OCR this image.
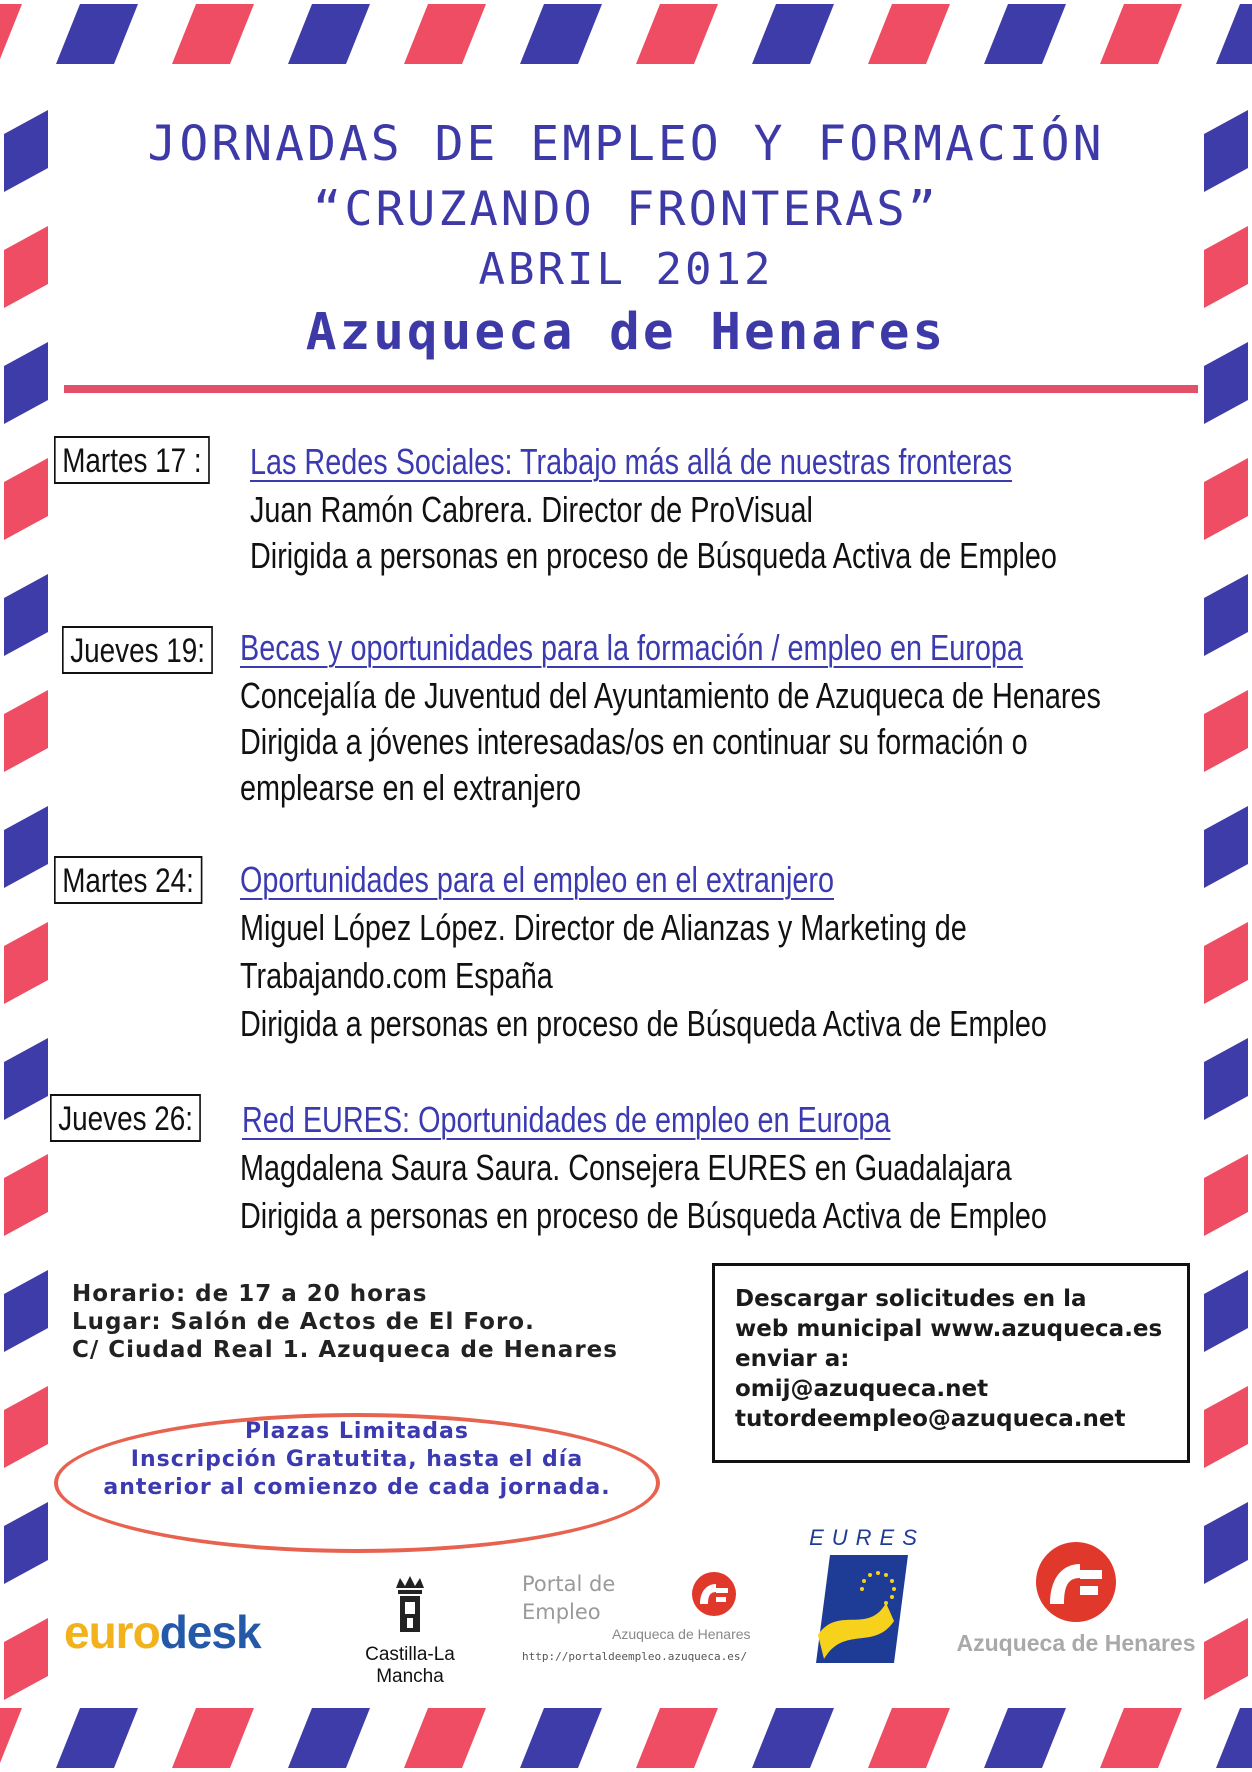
JORNADAS DE EMPLEO Y FORMACIÓN
“CRUZANDO FRONTERAS”
ABRIL 2012
Azuqueca de Henares
Martes 17 : Las Redes Sociales: Trabajo más allá de nuestras fronteras
Juan Ramón Cabrera. Director de ProVisual
Dirigida a personas en proceso de Búsqueda Activa de Empleo
Jueves 19: Becas y oportunidades para la formación / empleo en Europa
Concejalía de Juventud del Ayuntamiento de Azuqueca de Henares
Dirigida a jóvenes interesadas/os en continuar su formación o
emplearse en el extranjero
Martes 24: Oportunidades para el empleo en el extranjero
Miguel López López. Director de Alianzas y Marketing de
Trabajando.com España
Dirigida a personas en proceso de Búsqueda Activa de Empleo
Jueves 26: Red EURES: Oportunidades de empleo en Europa
Magdalena Saura Saura. Consejera EURES en Guadalajara
Dirigida a personas en proceso de Búsqueda Activa de Empleo
Horario: de 17 a 20 horas
Lugar: Salón de Actos de El Foro.
C/ Ciudad Real 1. Azuqueca de Henares
Descargar solicitudes en la
web municipal www.azuqueca.es
enviar a:
omij@azuqueca.net
tutordeempleo@azuqueca.net
Plazas Limitadas
Inscripción Gratutita, hasta el día
anterior al comienzo de cada jornada.
eurodesk	Castilla-La Mancha
Portal de
Empleo
Azuqueca de Henares
http://portaldeempleo.azuqueca.es/
EURES
Azuqueca de Henares
